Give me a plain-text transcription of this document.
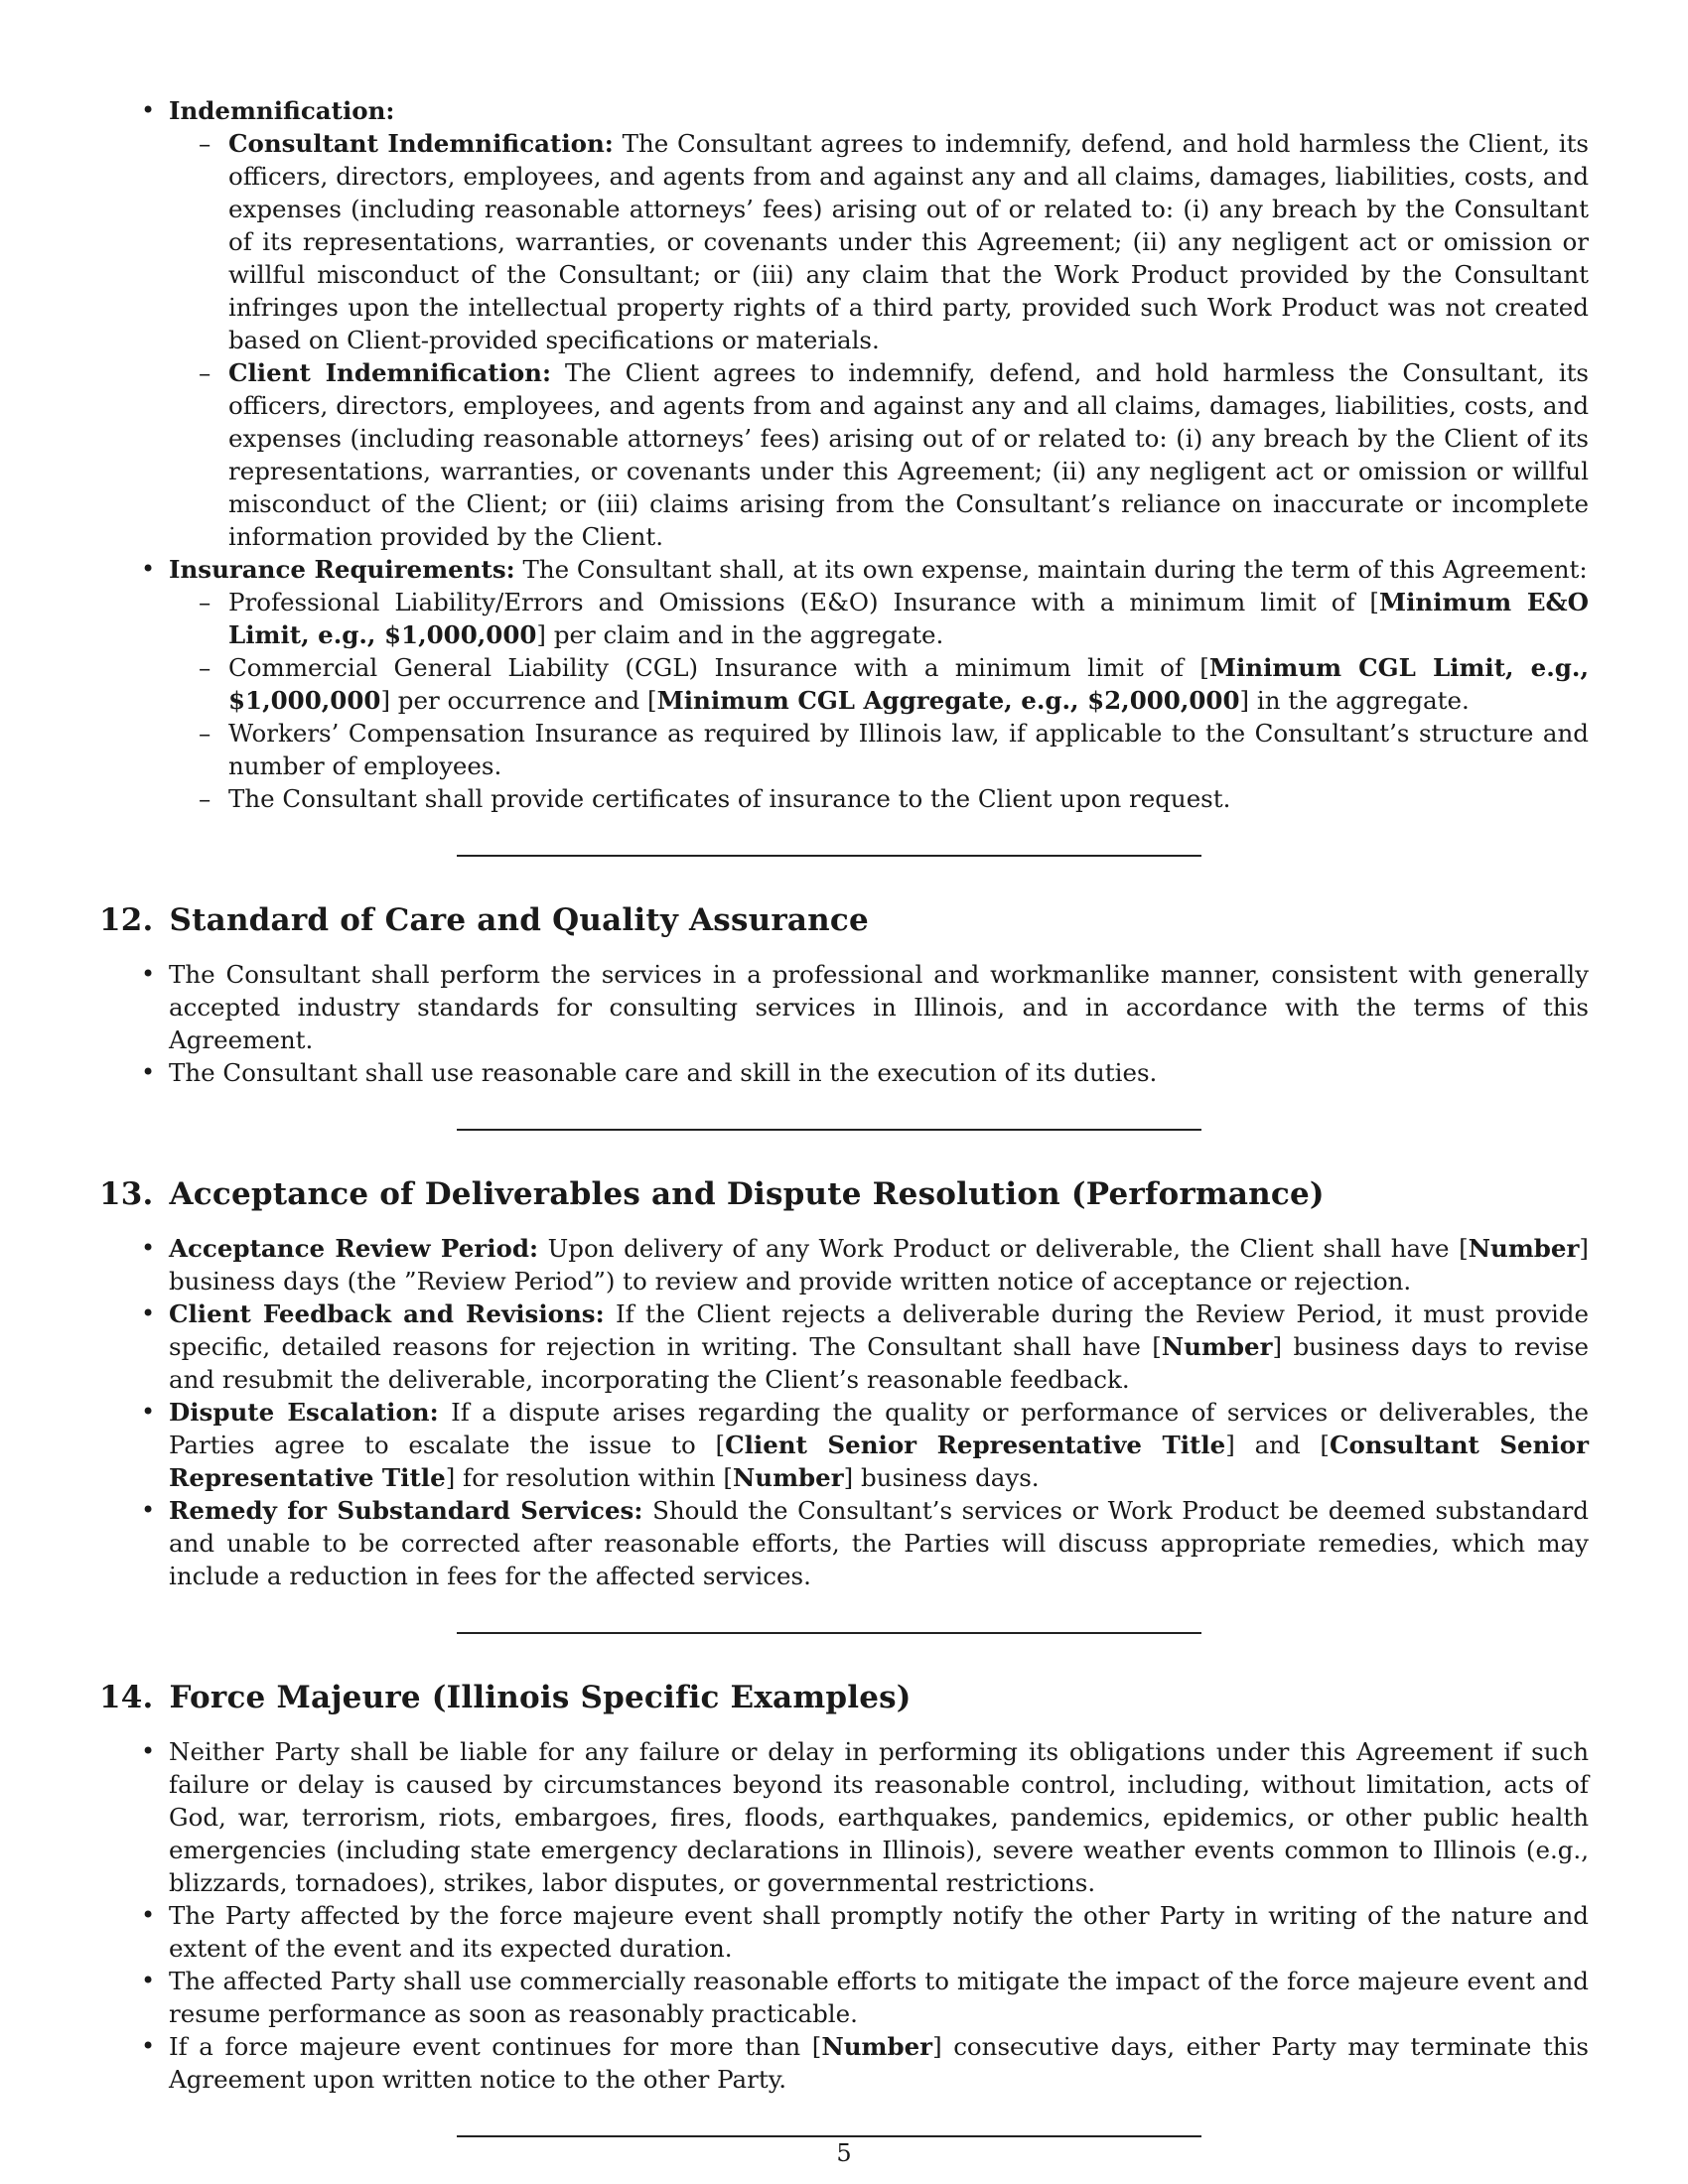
• Indemnification:
– Consultant Indemnification: The Consultant agrees to indemnify, defend, and hold harmless the Client, its officers, directors, employees, and agents from and against any and all claims, damages, liabilities, costs, and expenses (including reasonable attorneys’ fees) arising out of or related to: (i) any breach by the Consultant of its representations, warranties, or covenants under this Agreement; (ii) any negligent act or omission or willful misconduct of the Consultant; or (iii) any claim that the Work Product provided by the Consultant infringes upon the intellectual property rights of a third party, provided such Work Product was not created based on Client-provided specifications or materials.
– Client Indemnification: The Client agrees to indemnify, defend, and hold harmless the Consultant, its officers, directors, employees, and agents from and against any and all claims, damages, liabilities, costs, and expenses (including reasonable attorneys’ fees) arising out of or related to: (i) any breach by the Client of its representations, warranties, or covenants under this Agreement; (ii) any negligent act or omission or willful misconduct of the Client; or (iii) claims arising from the Consultant’s reliance on inaccurate or incomplete information provided by the Client.
• Insurance Requirements: The Consultant shall, at its own expense, maintain during the term of this Agreement:
– Professional Liability/Errors and Omissions (E&O) Insurance with a minimum limit of [Minimum E&O Limit, e.g., $1,000,000] per claim and in the aggregate.
– Commercial General Liability (CGL) Insurance with a minimum limit of [Minimum CGL Limit, e.g., $1,000,000] per occurrence and [Minimum CGL Aggregate, e.g., $2,000,000] in the aggregate.
– Workers’ Compensation Insurance as required by Illinois law, if applicable to the Consultant’s structure and number of employees.
– The Consultant shall provide certificates of insurance to the Client upon request.
12. Standard of Care and Quality Assurance
• The Consultant shall perform the services in a professional and workmanlike manner, consistent with generally accepted industry standards for consulting services in Illinois, and in accordance with the terms of this Agreement.
• The Consultant shall use reasonable care and skill in the execution of its duties.
13. Acceptance of Deliverables and Dispute Resolution (Performance)
• Acceptance Review Period: Upon delivery of any Work Product or deliverable, the Client shall have [Number] business days (the ”Review Period”) to review and provide written notice of acceptance or rejection.
• Client Feedback and Revisions: If the Client rejects a deliverable during the Review Period, it must provide specific, detailed reasons for rejection in writing. The Consultant shall have [Number] business days to revise and resubmit the deliverable, incorporating the Client’s reasonable feedback.
• Dispute Escalation: If a dispute arises regarding the quality or performance of services or deliverables, the Parties agree to escalate the issue to [Client Senior Representative Title] and [Consultant Senior Representative Title] for resolution within [Number] business days.
• Remedy for Substandard Services: Should the Consultant’s services or Work Product be deemed substandard and unable to be corrected after reasonable efforts, the Parties will discuss appropriate remedies, which may include a reduction in fees for the affected services.
14. Force Majeure (Illinois Specific Examples)
• Neither Party shall be liable for any failure or delay in performing its obligations under this Agreement if such failure or delay is caused by circumstances beyond its reasonable control, including, without limitation, acts of God, war, terrorism, riots, embargoes, fires, floods, earthquakes, pandemics, epidemics, or other public health emergencies (including state emergency declarations in Illinois), severe weather events common to Illinois (e.g., blizzards, tornadoes), strikes, labor disputes, or governmental restrictions.
• The Party affected by the force majeure event shall promptly notify the other Party in writing of the nature and extent of the event and its expected duration.
• The affected Party shall use commercially reasonable efforts to mitigate the impact of the force majeure event and resume performance as soon as reasonably practicable.
• If a force majeure event continues for more than [Number] consecutive days, either Party may terminate this Agreement upon written notice to the other Party.
5
